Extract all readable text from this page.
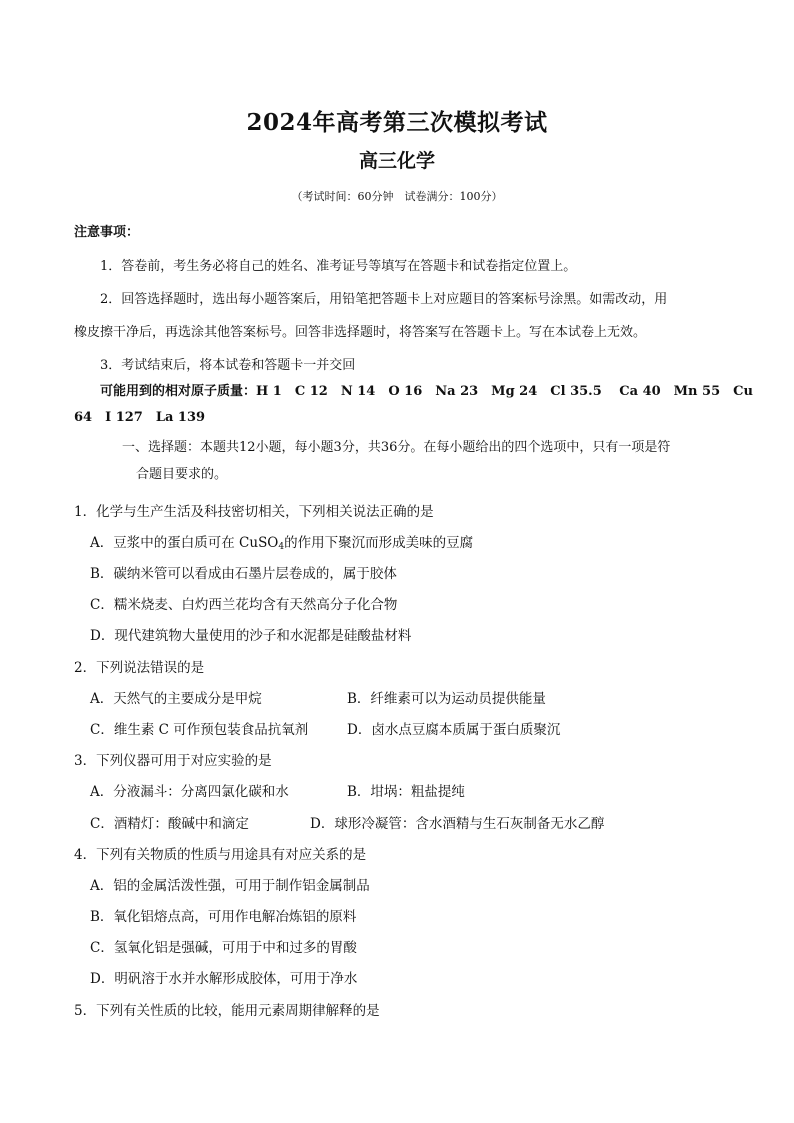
2024年高考第三次模拟考试
高三化学
（考试时间：60分钟　试卷满分：100分）
注意事项：
1．答卷前，考生务必将自己的姓名、准考证号等填写在答题卡和试卷指定位置上。
2．回答选择题时，选出每小题答案后，用铅笔把答题卡上对应题目的答案标号涂黑。如需改动，用
橡皮擦干净后，再选涂其他答案标号。回答非选择题时，将答案写在答题卡上。写在本试卷上无效。
3．考试结束后，将本试卷和答题卡一并交回
可能用到的相对原子质量：H 1　C 12　N 14　O 16　Na 23　Mg 24　Cl 35.5　 Ca 40　Mn 55　Cu
64　I 127　La 139
一、选择题：本题共12小题，每小题3分，共36分。在每小题给出的四个选项中，只有一项是符
合题目要求的。
1．化学与生产生活及科技密切相关，下列相关说法正确的是
A．豆浆中的蛋白质可在 CuSO$_4$的作用下聚沉而形成美味的豆腐
B．碳纳米管可以看成由石墨片层卷成的，属于胶体
C．糯米烧麦、白灼西兰花均含有天然高分子化合物
D．现代建筑物大量使用的沙子和水泥都是硅酸盐材料
2．下列说法错误的是
A．天然气的主要成分是甲烷	B．纤维素可以为运动员提供能量
C．维生素 C 可作预包装食品抗氧剂	D．卤水点豆腐本质属于蛋白质聚沉
3．下列仪器可用于对应实验的是
A．分液漏斗：分离四氯化碳和水	B．坩埚：粗盐提纯
C．酒精灯：酸碱中和滴定	D．球形冷凝管：含水酒精与生石灰制备无水乙醇
4．下列有关物质的性质与用途具有对应关系的是
A．铝的金属活泼性强，可用于制作铝金属制品
B．氧化铝熔点高，可用作电解冶炼铝的原料
C．氢氧化铝是强碱，可用于中和过多的胃酸
D．明矾溶于水并水解形成胶体，可用于净水
5．下列有关性质的比较，能用元素周期律解释的是
